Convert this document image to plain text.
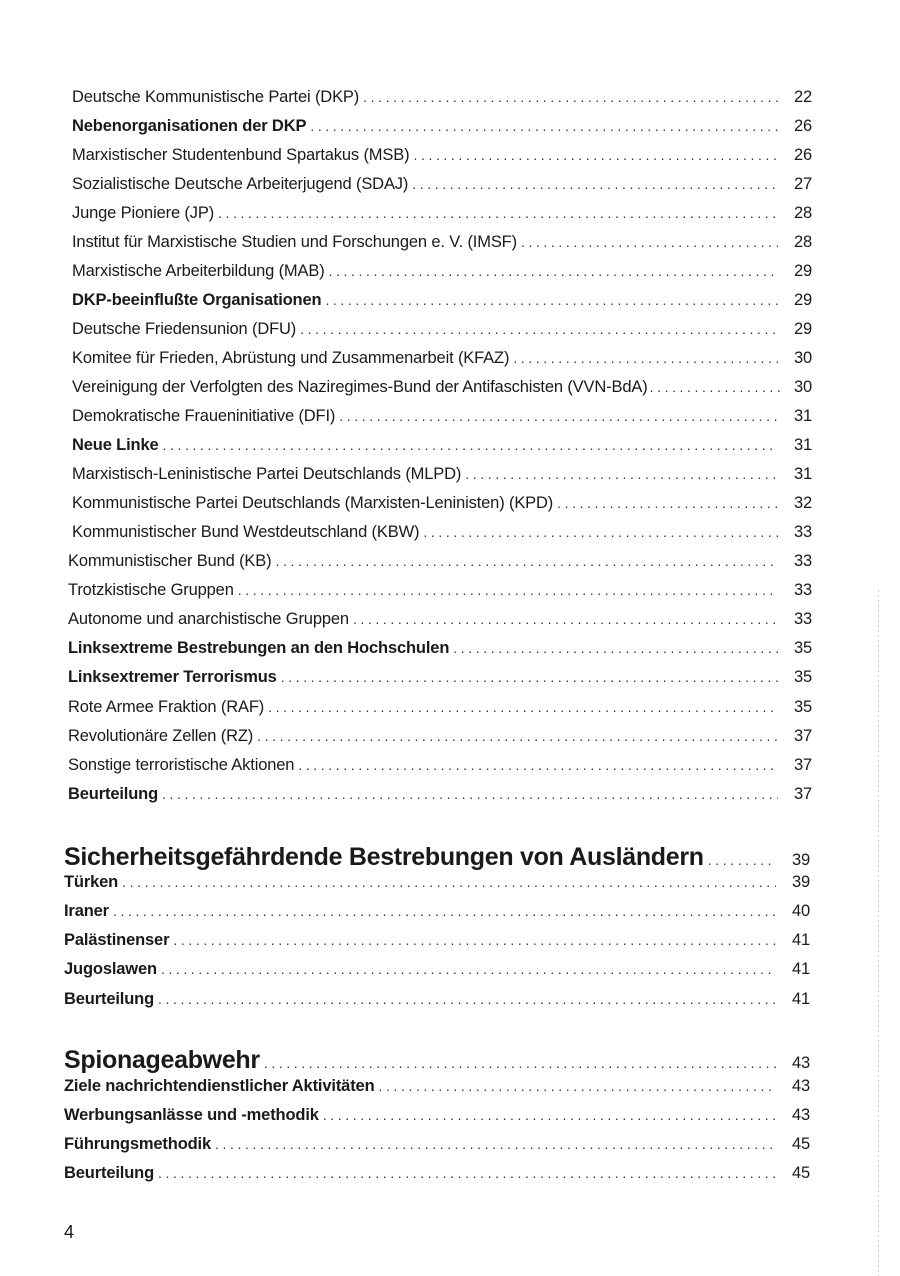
Deutsche Kommunistische Partei (DKP) .....	22
Nebenorganisationen der DKP .....	26
Marxistischer Studentenbund Spartakus (MSB) .....	26
Sozialistische Deutsche Arbeiterjugend (SDAJ) .....	27
Junge Pioniere (JP) .....	28
Institut für Marxistische Studien und Forschungen e. V. (IMSF) .....	28
Marxistische Arbeiterbildung (MAB) .....	29
DKP-beeinflußte Organisationen .....	29
Deutsche Friedensunion (DFU) .....	29
Komitee für Frieden, Abrüstung und Zusammenarbeit (KFAZ) .....	30
Vereinigung der Verfolgten des Naziregimes-Bund der Antifaschisten (VVN-BdA) .....	30
Demokratische Fraueninitiative (DFI) .....	31
Neue Linke .....	31
Marxistisch-Leninistische Partei Deutschlands (MLPD) .....	31
Kommunistische Partei Deutschlands (Marxisten-Leninisten) (KPD) .....	32
Kommunistischer Bund Westdeutschland (KBW) .....	33
Kommunistischer Bund (KB) .....	33
Trotzkistische Gruppen .....	33
Autonome und anarchistische Gruppen .....	33
Linksextreme Bestrebungen an den Hochschulen .....	35
Linksextremer Terrorismus .....	35
Rote Armee Fraktion (RAF) .....	35
Revolutionäre Zellen (RZ) .....	37
Sonstige terroristische Aktionen .....	37
Beurteilung .....	37
Sicherheitsgefährdende Bestrebungen von Ausländern .....	39
Türken .....	39
Iraner .....	40
Palästinenser .....	41
Jugoslawen .....	41
Beurteilung .....	41
Spionageabwehr .....	43
Ziele nachrichtendienstlicher Aktivitäten .....	43
Werbungsanlässe und -methodik .....	43
Führungsmethodik .....	45
Beurteilung .....	45
4
